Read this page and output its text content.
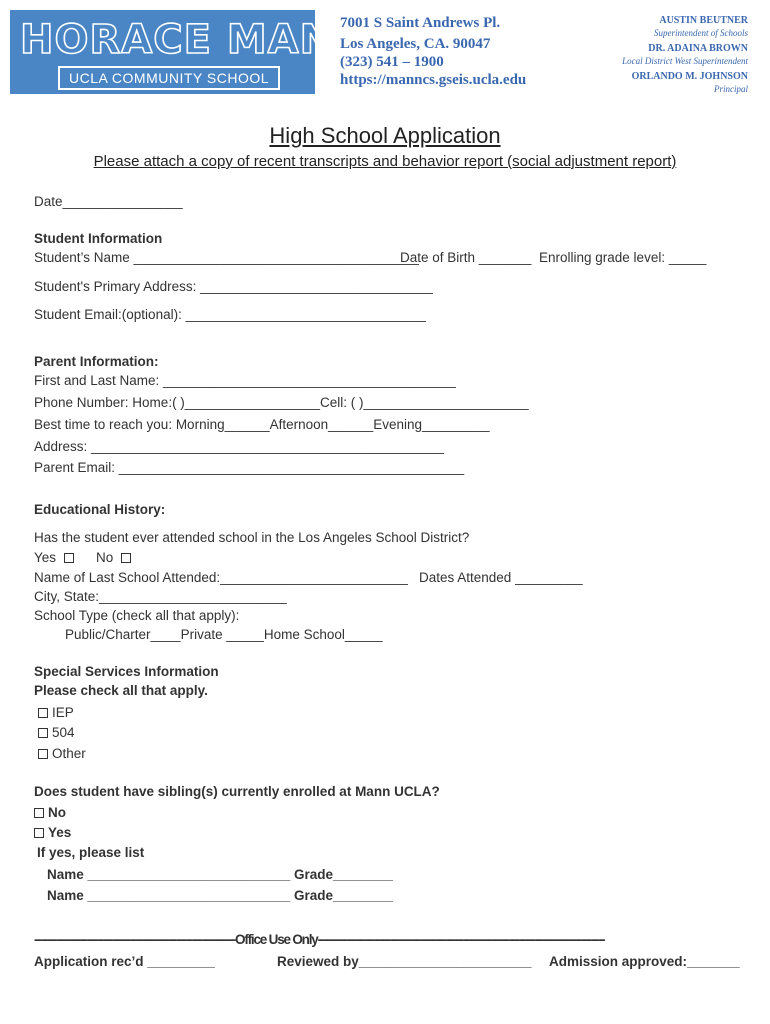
HORACE MANN
UCLA COMMUNITY SCHOOL
7001 S Saint Andrews Pl.
Los Angeles, CA. 90047
(323) 541 – 1900
https://manncs.gseis.ucla.edu
AUSTIN BEUTNER
Superintendent of Schools
DR. ADAINA BROWN
Local District West Superintendent
ORLANDO M. JOHNSON
Principal
High School Application
Please attach a copy of recent transcripts and behavior report (social adjustment report)
Date________________
Student Information
Student’s Name ______________________________________
Date of Birth _______ Enrolling grade level: _____
Student's Primary Address: _______________________________
Student Email:(optional): ________________________________
Parent Information:
First and Last Name: _______________________________________
Phone Number: Home:( )__________________Cell: ( )______________________
Best time to reach you: Morning______Afternoon______Evening_________
Address: _______________________________________________
Parent Email: ______________________________________________
Educational History:
Has the student ever attended school in the Los Angeles School District?
Yes	No
Name of Last School Attended:_________________________ Dates Attended _________
City, State:_________________________
School Type (check all that apply):
Public/Charter____Private _____Home School_____
Special Services Information
Please check all that apply.
IEP
504
Other
Does student have sibling(s) currently enrolled at Mann UCLA?
No
Yes
If yes, please list
Name ___________________________ Grade________
Name ___________________________ Grade________
-------------------------------------------------------------Office Use Only---------------------------------------------------------------------------------------
Application rec’d _________	Reviewed by_______________________ Admission approved:_______
